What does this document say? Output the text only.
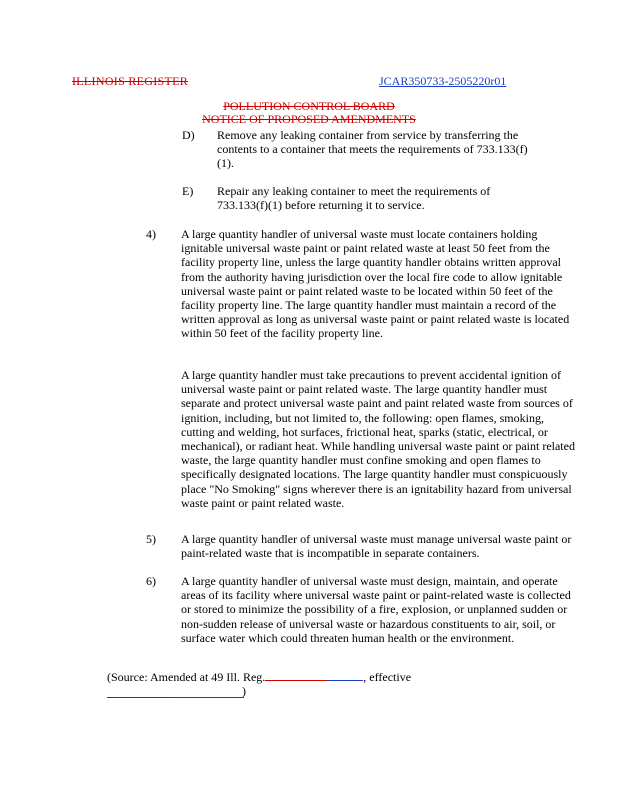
ILLINOIS REGISTER	JCAR350733-2505220r01
POLLUTION CONTROL BOARD
NOTICE OF PROPOSED AMENDMENTS
D) Remove any leaking container from service by transferring the contents to a container that meets the requirements of 733.133(f)(1).
E) Repair any leaking container to meet the requirements of 733.133(f)(1) before returning it to service.
4) A large quantity handler of universal waste must locate containers holding ignitable universal waste paint or paint related waste at least 50 feet from the facility property line, unless the large quantity handler obtains written approval from the authority having jurisdiction over the local fire code to allow ignitable universal waste paint or paint related waste to be located within 50 feet of the facility property line. The large quantity handler must maintain a record of the written approval as long as universal waste paint or paint related waste is located within 50 feet of the facility property line.
A large quantity handler must take precautions to prevent accidental ignition of universal waste paint or paint related waste. The large quantity handler must separate and protect universal waste paint and paint related waste from sources of ignition, including, but not limited to, the following: open flames, smoking, cutting and welding, hot surfaces, frictional heat, sparks (static, electrical, or mechanical), or radiant heat. While handling universal waste paint or paint related waste, the large quantity handler must confine smoking and open flames to specifically designated locations. The large quantity handler must conspicuously place "No Smoking" signs wherever there is an ignitability hazard from universal waste paint or paint related waste.
5) A large quantity handler of universal waste must manage universal waste paint or paint-related waste that is incompatible in separate containers.
6) A large quantity handler of universal waste must design, maintain, and operate areas of its facility where universal waste paint or paint-related waste is collected or stored to minimize the possibility of a fire, explosion, or unplanned sudden or non-sudden release of universal waste or hazardous constituents to air, soil, or surface water which could threaten human health or the environment.
(Source: Amended at 49 Ill. Reg.	, effective
)
